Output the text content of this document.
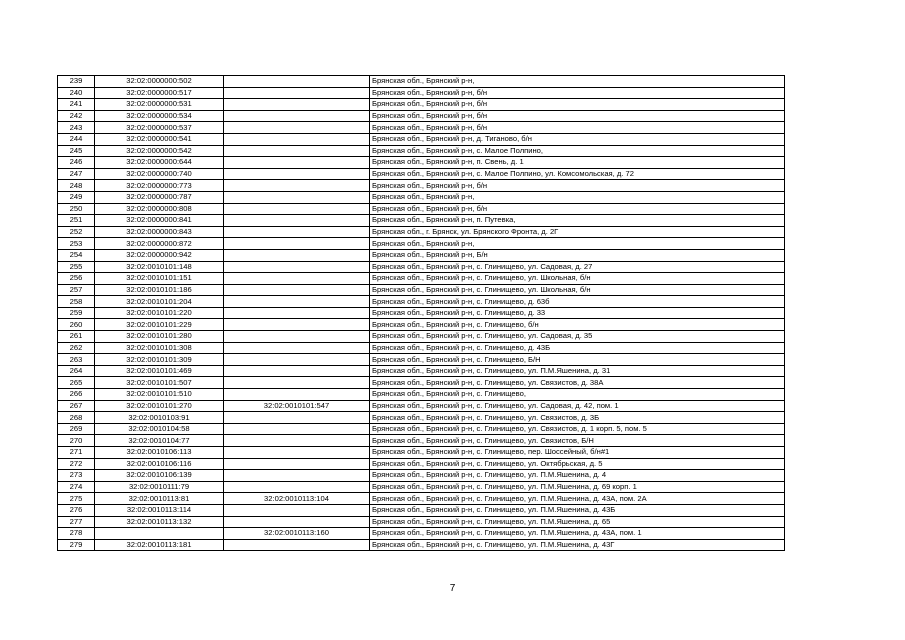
239	32:02:0000000:502		Брянская обл., Брянский р-н,
240	32:02:0000000:517		Брянская обл., Брянский р-н, б/н
241	32:02:0000000:531		Брянская обл., Брянский р-н, б/н
242	32:02:0000000:534		Брянская обл., Брянский р-н, б/н
243	32:02:0000000:537		Брянская обл., Брянский р-н, б/н
244	32:02:0000000:541		Брянская обл., Брянский р-н, д. Тиганово, б/н
245	32:02:0000000:542		Брянская обл., Брянский р-н, с. Малое Полпино,
246	32:02:0000000:644		Брянская обл., Брянский р-н, п. Свень, д. 1
247	32:02:0000000:740		Брянская обл., Брянский р-н, с. Малое Полпино, ул. Комсомольская, д. 72
248	32:02:0000000:773		Брянская обл., Брянский р-н, б/н
249	32:02:0000000:787		Брянская обл., Брянский р-н,
250	32:02:0000000:808		Брянская обл., Брянский р-н, б/н
251	32:02:0000000:841		Брянская обл., Брянский р-н, п. Путевка,
252	32:02:0000000:843		Брянская обл., г. Брянск, ул. Брянского Фронта, д. 2Г
253	32:02:0000000:872		Брянская обл., Брянский р-н,
254	32:02:0000000:942		Брянская обл., Брянский р-н, Б/н
255	32:02:0010101:148		Брянская обл., Брянский р-н, с. Глинищево, ул. Садовая, д. 27
256	32:02:0010101:151		Брянская обл., Брянский р-н, с. Глинищево, ул. Школьная, б/н
257	32:02:0010101:186		Брянская обл., Брянский р-н, с. Глинищево, ул. Школьная, б/н
258	32:02:0010101:204		Брянская обл., Брянский р-н, с. Глинищево, д. 63б
259	32:02:0010101:220		Брянская обл., Брянский р-н, с. Глинищево, д. 33
260	32:02:0010101:229		Брянская обл., Брянский р-н, с. Глинищево, б/н
261	32:02:0010101:280		Брянская обл., Брянский р-н, с. Глинищево, ул. Садовая, д. 35
262	32:02:0010101:308		Брянская обл., Брянский р-н, с. Глинищево, д. 43Б
263	32:02:0010101:309		Брянская обл., Брянский р-н, с. Глинищево, Б/Н
264	32:02:0010101:469		Брянская обл., Брянский р-н, с. Глинищево, ул. П.М.Яшенина, д. 31
265	32:02:0010101:507		Брянская обл., Брянский р-н, с. Глинищево, ул. Связистов, д. 38А
266	32:02:0010101:510		Брянская обл., Брянский р-н, с. Глинищево,
267	32:02:0010101:270	32:02:0010101:547	Брянская обл., Брянский р-н, с. Глинищево, ул. Садовая, д. 42, пом. 1
268	32:02:0010103:91		Брянская обл., Брянский р-н, с. Глинищево, ул. Связистов, д. 3Б
269	32:02:0010104:58		Брянская обл., Брянский р-н, с. Глинищево, ул. Связистов, д. 1 корп. 5, пом. 5
270	32:02:0010104:77		Брянская обл., Брянский р-н, с. Глинищево, ул. Связистов, Б/Н
271	32:02:0010106:113		Брянская обл., Брянский р-н, с. Глинищево, пер. Шоссейный, б/н#1
272	32:02:0010106:116		Брянская обл., Брянский р-н, с. Глинищево, ул. Октябрьская, д. 5
273	32:02:0010106:139		Брянская обл., Брянский р-н, с. Глинищево, ул. П.М.Яшенина, д. 4
274	32:02:0010111:79		Брянская обл., Брянский р-н, с. Глинищево, ул. П.М.Яшенина, д. 69 корп. 1
275	32:02:0010113:81	32:02:0010113:104	Брянская обл., Брянский р-н, с. Глинищево, ул. П.М.Яшенина, д. 43А, пом. 2А
276	32:02:0010113:114		Брянская обл., Брянский р-н, с. Глинищево, ул. П.М.Яшенина, д. 43Б
277	32:02:0010113:132		Брянская обл., Брянский р-н, с. Глинищево, ул. П.М.Яшенина, д. 65
278		32:02:0010113:160	Брянская обл., Брянский р-н, с. Глинищево, ул. П.М.Яшенина, д. 43А, пом. 1
279	32:02:0010113:181		Брянская обл., Брянский р-н, с. Глинищево, ул. П.М.Яшенина, д. 43Г
7
